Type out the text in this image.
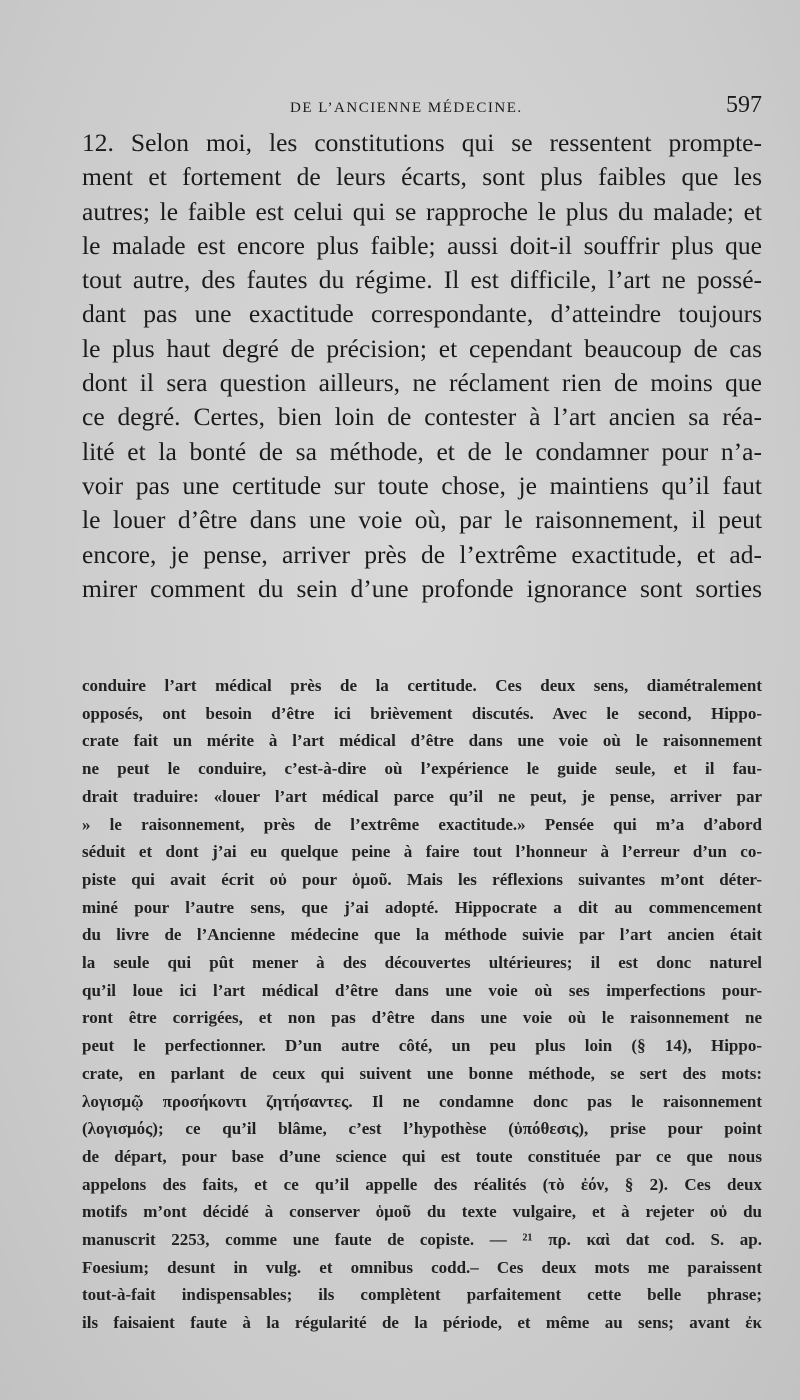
DE L’ANCIENNE MÉDECINE.	597
12. Selon moi, les constitutions qui se ressentent prompte-
ment et fortement de leurs écarts, sont plus faibles que les
autres; le faible est celui qui se rapproche le plus du malade; et
le malade est encore plus faible; aussi doit-il souffrir plus que
tout autre, des fautes du régime. Il est difficile, l’art ne possé-
dant pas une exactitude correspondante, d’atteindre toujours
le plus haut degré de précision; et cependant beaucoup de cas
dont il sera question ailleurs, ne réclament rien de moins que
ce degré. Certes, bien loin de contester à l’art ancien sa réa-
lité et la bonté de sa méthode, et de le condamner pour n’a-
voir pas une certitude sur toute chose, je maintiens qu’il faut
le louer d’être dans une voie où, par le raisonnement, il peut
encore, je pense, arriver près de l’extrême exactitude, et ad-
mirer comment du sein d’une profonde ignorance sont sorties
conduire l’art médical près de la certitude. Ces deux sens, diamétralement
opposés, ont besoin d’être ici brièvement discutés. Avec le second, Hippo-
crate fait un mérite à l’art médical d’être dans une voie où le raisonnement
ne peut le conduire, c’est-à-dire où l’expérience le guide seule, et il fau-
drait traduire: «louer l’art médical parce qu’il ne peut, je pense, arriver par
» le raisonnement, près de l’extrême exactitude.» Pensée qui m’a d’abord
séduit et dont j’ai eu quelque peine à faire tout l’honneur à l’erreur d’un co-
piste qui avait écrit οὐ pour ὁμοῦ. Mais les réflexions suivantes m’ont déter-
miné pour l’autre sens, que j’ai adopté. Hippocrate a dit au commencement
du livre de l’Ancienne médecine que la méthode suivie par l’art ancien était
la seule qui pût mener à des découvertes ultérieures; il est donc naturel
qu’il loue ici l’art médical d’être dans une voie où ses imperfections pour-
ront être corrigées, et non pas d’être dans une voie où le raisonnement ne
peut le perfectionner. D’un autre côté, un peu plus loin (§ 14), Hippo-
crate, en parlant de ceux qui suivent une bonne méthode, se sert des mots:
λογισμῷ προσήκοντι ζητήσαντες. Il ne condamne donc pas le raisonnement
(λογισμός); ce qu’il blâme, c’est l’hypothèse (ὑπόθεσις), prise pour point
de départ, pour base d’une science qui est toute constituée par ce que nous
appelons des faits, et ce qu’il appelle des réalités (τὸ ἐόν, § 2). Ces deux
motifs m’ont décidé à conserver ὁμοῦ du texte vulgaire, et à rejeter οὐ du
manuscrit 2253, comme une faute de copiste. — ²¹ πρ. καὶ dat cod. S. ap.
Foesium; desunt in vulg. et omnibus codd.– Ces deux mots me paraissent
tout-à-fait indispensables; ils complètent parfaitement cette belle phrase;
ils faisaient faute à la régularité de la période, et même au sens; avant ἐκ
